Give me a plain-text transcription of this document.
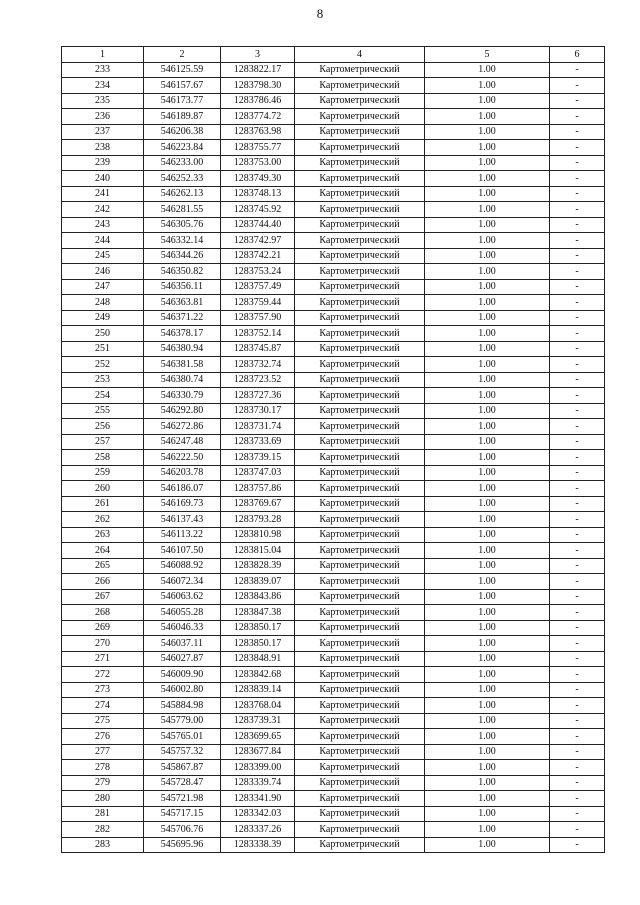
8
1	2	3	4	5	6
233	546125.59	1283822.17	Картометрический	1.00	-
234	546157.67	1283798.30	Картометрический	1.00	-
235	546173.77	1283786.46	Картометрический	1.00	-
236	546189.87	1283774.72	Картометрический	1.00	-
237	546206.38	1283763.98	Картометрический	1.00	-
238	546223.84	1283755.77	Картометрический	1.00	-
239	546233.00	1283753.00	Картометрический	1.00	-
240	546252.33	1283749.30	Картометрический	1.00	-
241	546262.13	1283748.13	Картометрический	1.00	-
242	546281.55	1283745.92	Картометрический	1.00	-
243	546305.76	1283744.40	Картометрический	1.00	-
244	546332.14	1283742.97	Картометрический	1.00	-
245	546344.26	1283742.21	Картометрический	1.00	-
246	546350.82	1283753.24	Картометрический	1.00	-
247	546356.11	1283757.49	Картометрический	1.00	-
248	546363.81	1283759.44	Картометрический	1.00	-
249	546371.22	1283757.90	Картометрический	1.00	-
250	546378.17	1283752.14	Картометрический	1.00	-
251	546380.94	1283745.87	Картометрический	1.00	-
252	546381.58	1283732.74	Картометрический	1.00	-
253	546380.74	1283723.52	Картометрический	1.00	-
254	546330.79	1283727.36	Картометрический	1.00	-
255	546292.80	1283730.17	Картометрический	1.00	-
256	546272.86	1283731.74	Картометрический	1.00	-
257	546247.48	1283733.69	Картометрический	1.00	-
258	546222.50	1283739.15	Картометрический	1.00	-
259	546203.78	1283747.03	Картометрический	1.00	-
260	546186.07	1283757.86	Картометрический	1.00	-
261	546169.73	1283769.67	Картометрический	1.00	-
262	546137.43	1283793.28	Картометрический	1.00	-
263	546113.22	1283810.98	Картометрический	1.00	-
264	546107.50	1283815.04	Картометрический	1.00	-
265	546088.92	1283828.39	Картометрический	1.00	-
266	546072.34	1283839.07	Картометрический	1.00	-
267	546063.62	1283843.86	Картометрический	1.00	-
268	546055.28	1283847.38	Картометрический	1.00	-
269	546046.33	1283850.17	Картометрический	1.00	-
270	546037.11	1283850.17	Картометрический	1.00	-
271	546027.87	1283848.91	Картометрический	1.00	-
272	546009.90	1283842.68	Картометрический	1.00	-
273	546002.80	1283839.14	Картометрический	1.00	-
274	545884.98	1283768.04	Картометрический	1.00	-
275	545779.00	1283739.31	Картометрический	1.00	-
276	545765.01	1283699.65	Картометрический	1.00	-
277	545757.32	1283677.84	Картометрический	1.00	-
278	545867.87	1283399.00	Картометрический	1.00	-
279	545728.47	1283339.74	Картометрический	1.00	-
280	545721.98	1283341.90	Картометрический	1.00	-
281	545717.15	1283342.03	Картометрический	1.00	-
282	545706.76	1283337.26	Картометрический	1.00	-
283	545695.96	1283338.39	Картометрический	1.00	-
